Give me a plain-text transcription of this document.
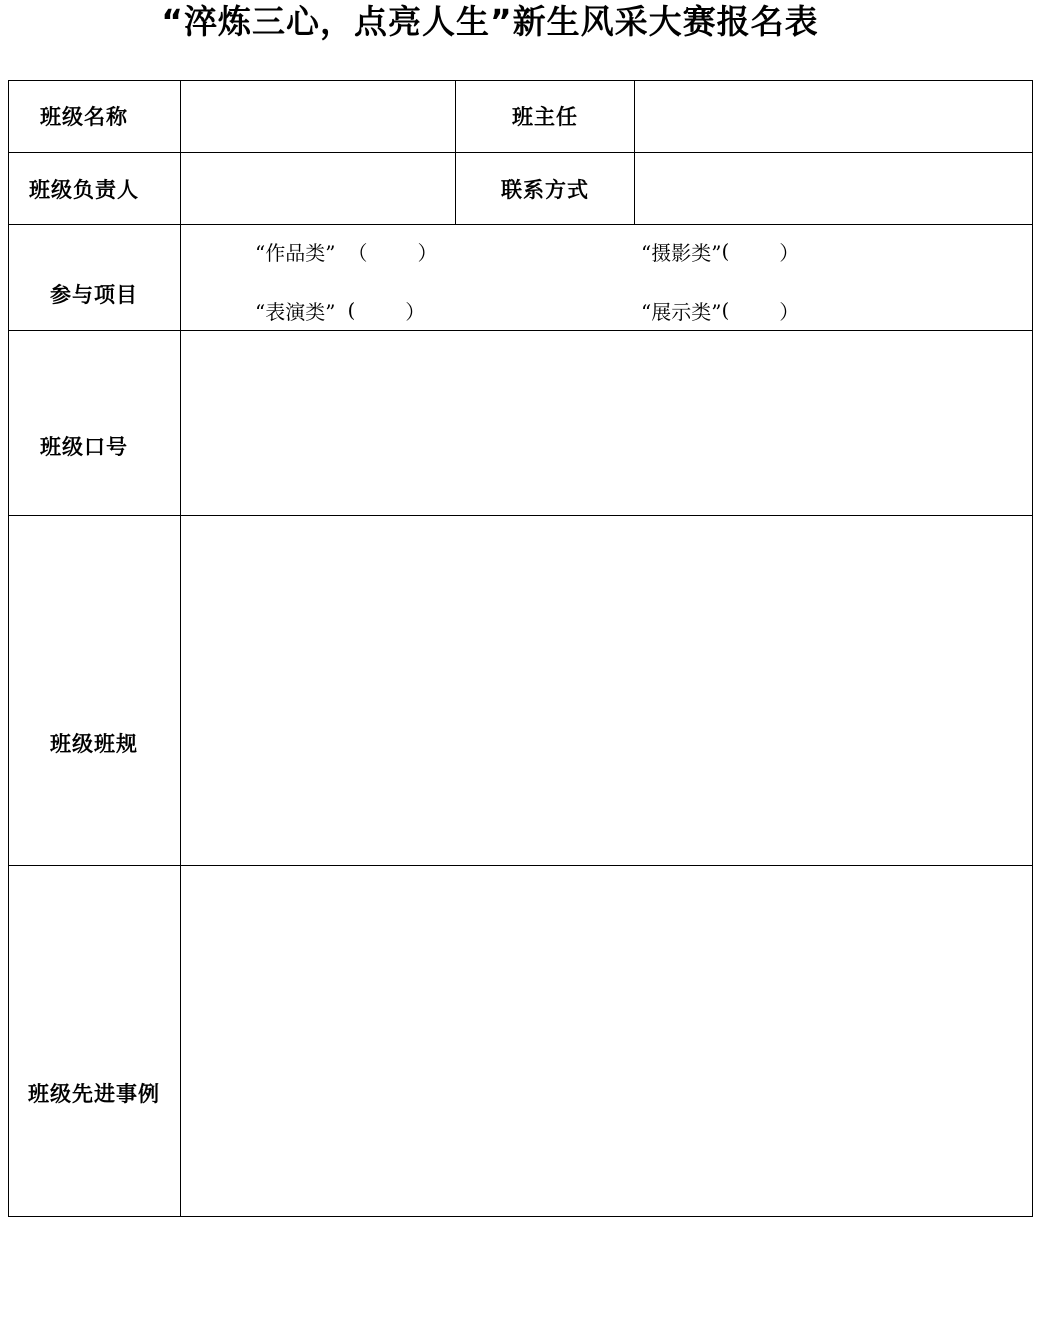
“淬炼三心，点亮人生”新生风采大赛报名表
班级名称	班主任
班级负责人	联系方式
参与项目
“作品类” （	）	“摄影类” (	）
“表演类” (	）	“展示类” (	）
班级口号
班级班规
班级先进事例
